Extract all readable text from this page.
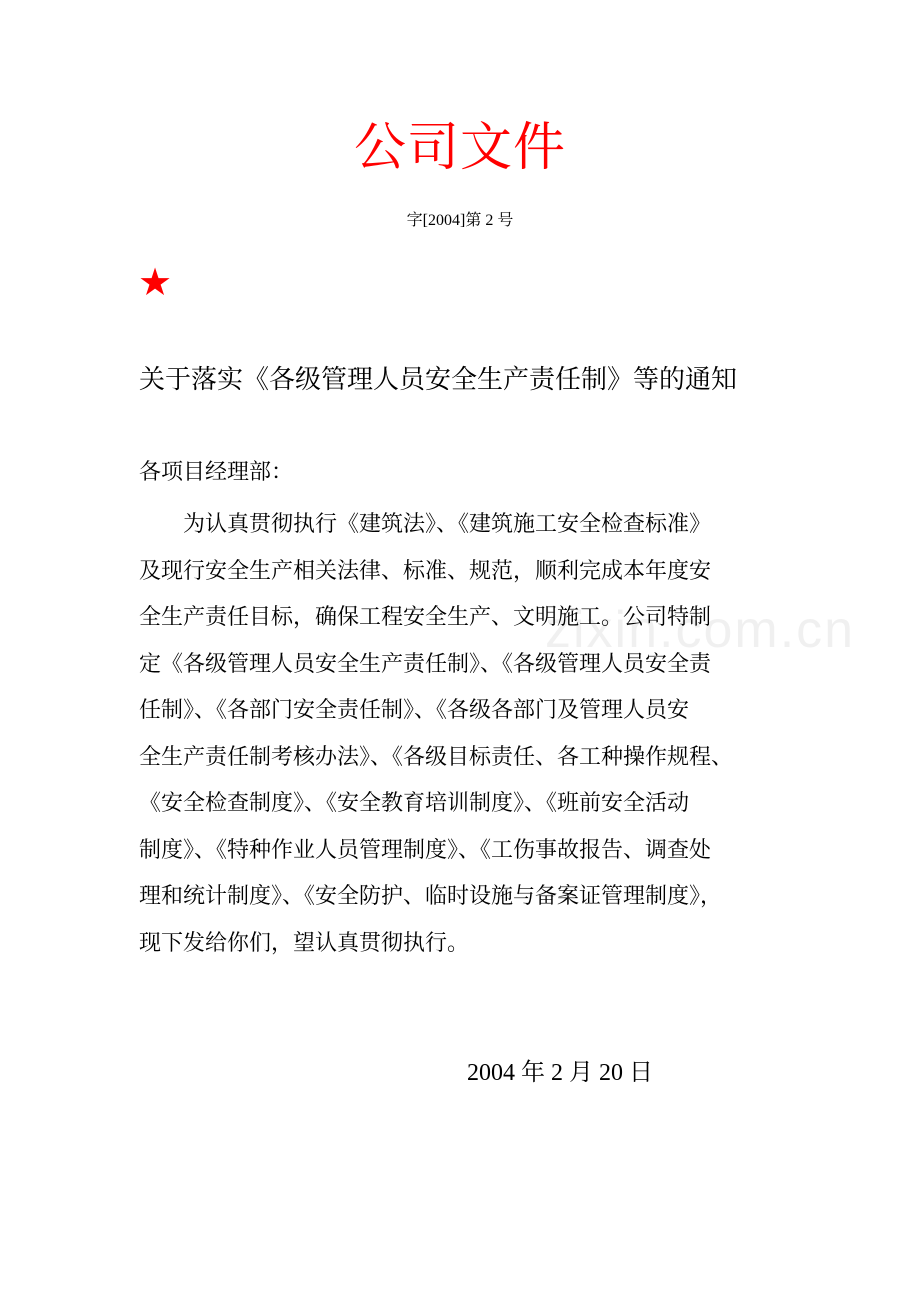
公司文件
字[2004]第 2 号
★
关于落实《各级管理人员安全生产责任制》等的通知
各项目经理部：
　　为认真贯彻执行《建筑法》、《建筑施工安全检查标准》
及现行安全生产相关法律、标准、规范，顺利完成本年度安
全生产责任目标，确保工程安全生产、文明施工。公司特制
定《各级管理人员安全生产责任制》、《各级管理人员安全责
任制》、《各部门安全责任制》、《各级各部门及管理人员安
全生产责任制考核办法》、《各级目标责任、各工种操作规程、
《安全检查制度》、《安全教育培训制度》、《班前安全活动
制度》、《特种作业人员管理制度》、《工伤事故报告、调查处
理和统计制度》、《安全防护、临时设施与备案证管理制度》，
现下发给你们，望认真贯彻执行。
zixin.com.cn
2004 年 2 月 20 日
